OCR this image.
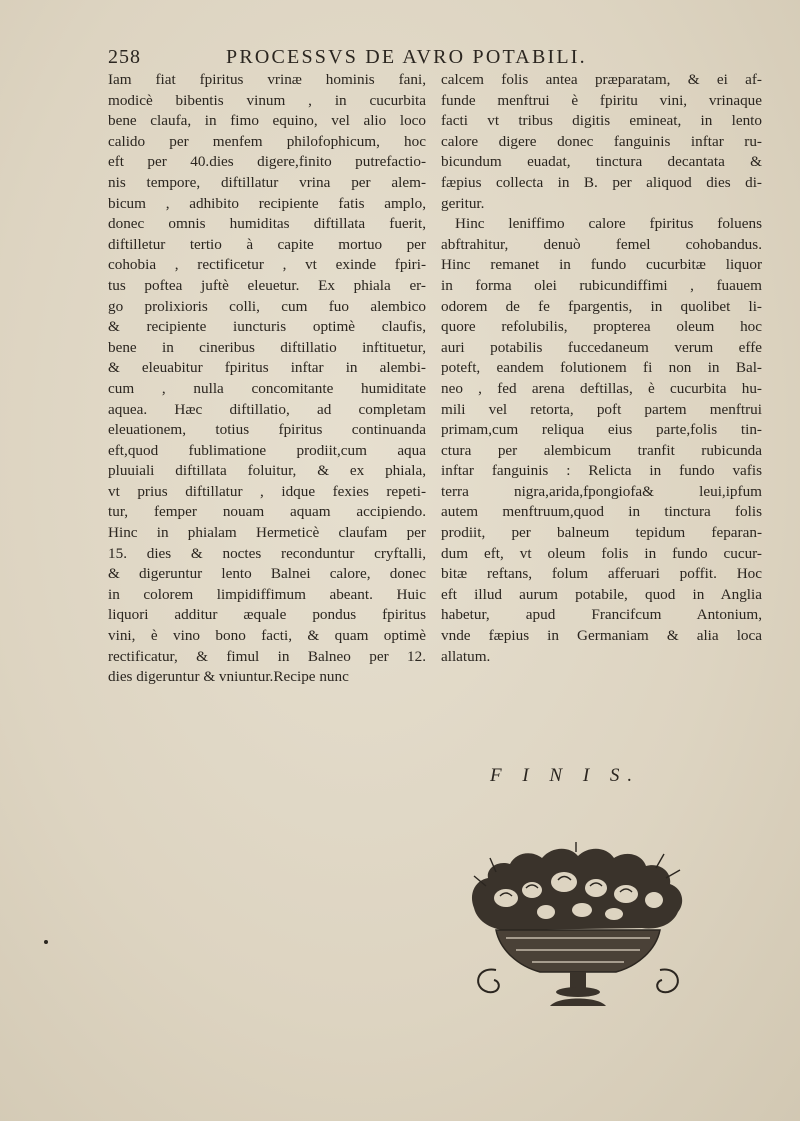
258	PROCESSVS DE AVRO POTABILI.
Iam fiat fpiritus vrinæ hominis fani,
modicè bibentis vinum , in cucurbita
bene claufa, in fimo equino, vel alio loco
calido per menfem philofophicum, hoc
eft per 40.dies digere,finito putrefactio-
nis tempore, diftillatur vrina per alem-
bicum , adhibito recipiente fatis amplo,
donec omnis humiditas diftillata fuerit,
diftilletur tertio à capite mortuo per
cohobia , rectificetur , vt exinde fpiri-
tus poftea juftè eleuetur. Ex phiala er-
go prolixioris colli, cum fuo alembico
& recipiente iuncturis optimè claufis,
bene in cineribus diftillatio inftituetur,
& eleuabitur fpiritus inftar in alembi-
cum , nulla concomitante humiditate
aquea. Hæc diftillatio, ad completam
eleuationem, totius fpiritus continuanda
eft,quod fublimatione prodiit,cum aqua
pluuiali diftillata foluitur, & ex phiala,
vt prius diftillatur , idque fexies repeti-
tur, femper nouam aquam accipiendo.
Hinc in phialam Hermeticè claufam per
15. dies & noctes reconduntur cryftalli,
& digeruntur lento Balnei calore, donec
in colorem limpidiffimum abeant. Huic
liquori additur æquale pondus fpiritus
vini, è vino bono facti, & quam optimè
rectificatur, & fimul in Balneo per 12.
dies digeruntur & vniuntur.Recipe nunc
calcem folis antea præparatam, & ei af-
funde menftrui è fpiritu vini, vrinaque
facti vt tribus digitis emineat, in lento
calore digere donec fanguinis inftar ru-
bicundum euadat, tinctura decantata &
fæpius collecta in B. per aliquod dies di-
geritur.
Hinc leniffimo calore fpiritus foluens
abftrahitur, denuò femel cohobandus.
Hinc remanet in fundo cucurbitæ liquor
in forma olei rubicundiffimi , fuauem
odorem de fe fpargentis, in quolibet li-
quore refolubilis, propterea oleum hoc
auri potabilis fuccedaneum verum effe
poteft, eandem folutionem fi non in Bal-
neo , fed arena deftillas, è cucurbita hu-
mili vel retorta, poft partem menftrui
primam,cum reliqua eius parte,folis tin-
ctura per alembicum tranfit rubicunda
inftar fanguinis : Relicta in fundo vafis
terra nigra,arida,fpongiofa& leui,ipfum
autem menftruum,quod in tinctura folis
prodiit, per balneum tepidum feparan-
dum eft, vt oleum folis in fundo cucur-
bitæ reftans, folum afferuari poffit. Hoc
eft illud aurum potabile, quod in Anglia
habetur, apud Francifcum Antonium,
vnde fæpius in Germaniam & alia loca
allatum.
F I N I S.
